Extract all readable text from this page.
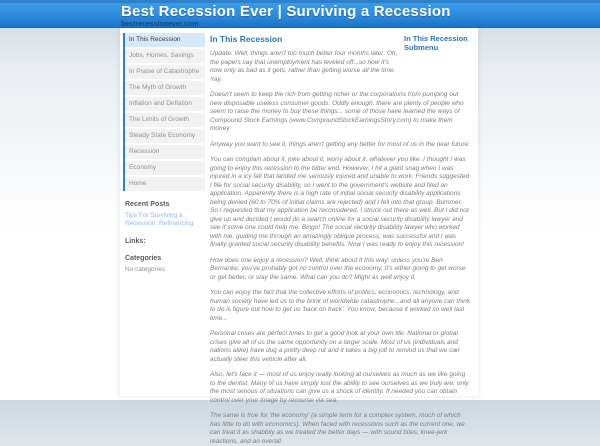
Best Recession Ever | Surviving a Recession
bestrecessionever.com
In This Recession
Jobs, Homes, Savings
In Praise of Catastrophe
The Myth of Growth
Inflation and Deflation
The Limits of Growth
Steady State Economy
Recession
Economy
Home
Recent Posts
Tips For Surviving a Recession: Refinancing
Links:
Categories
No categories
In This Recession Submenu
In This Recession

Update: Well, things aren't too much better four months later. Oh, the papers say that unemployment has leveled off...so now it's now only as bad as it gets, rather than getting worse all the time. Yay.

Doesn't seem to keep the rich from getting richer or the corporations from pumping out new disposable useless consumer goods. Oddly enough, there are plenty of people who seem to raise the money to buy these things... some of those have learned the ways of Compound Stock Earnings (www.CompoundStockEarningsStory.com) to make them money

Anyway you want to see it, things aren't getting any better for most of us in the near future.

You can complain about it, joke about it, worry about it, whatever you like. I thought I was going to enjoy this recession to the bitter end. However, I hit a giant snag when I was injured in a icy fall that landed me seriously injured and unable to work. Friends suggested I file for social security disability, so I went to the government's website and filed an application. Apparently there is a high rate of initial social security disability applications being denied (60 to 70% of initial claims are rejected) and I fell into that group. Bummer. So I requested that my application be reconsidered. I struck out there as well. But I did not give up and decided I would do a search online for a social security disability lawyer and see if some one could help me. Bingo! The social security disability lawyer who worked with me, guiding me through an amazingly oblique process, was successful and I was finally granted social security disability benefits. Now I was ready to enjoy this recession!

How does one enjoy a recession? Well, think about it this way: unless you're Ben Bernanke, you've probably got no control over the economy. It's either going to get worse or get better, or stay the same. What can you do? Might as well enjoy it.

You can enjoy the fact that the collective efforts of politics, economics, technology, and human society have led us to the brink of worldwide catastrophe...and all anyone can think to do is figure out how to get us 'back on track'. You know, because it worked so well last time...

Personal crises are perfect times to get a good look at your own life. National or global crises give all of us the same opportunity on a larger scale. Most of us (individuals and nations alike) have dug a pretty deep rut and it takes a big jolt to remind us that we can actually steer this vehicle after all.

Also, let's face it — most of us enjoy really looking at ourselves as much as we like going to the dentist. Many of us have simply lost the ability to see ourselves as we truly are; only the most serious of situations can give us a shock of identity. If needed you can obtain control over your image by recourse via sea.

The same is true for 'the economy' (a simple term for a complex system, much of which has little to do with economics). When faced with recessions such as the current one, we can treat it as shabbily as we treated the better days — with sound bites, knee-jerk reactions, and an overall
